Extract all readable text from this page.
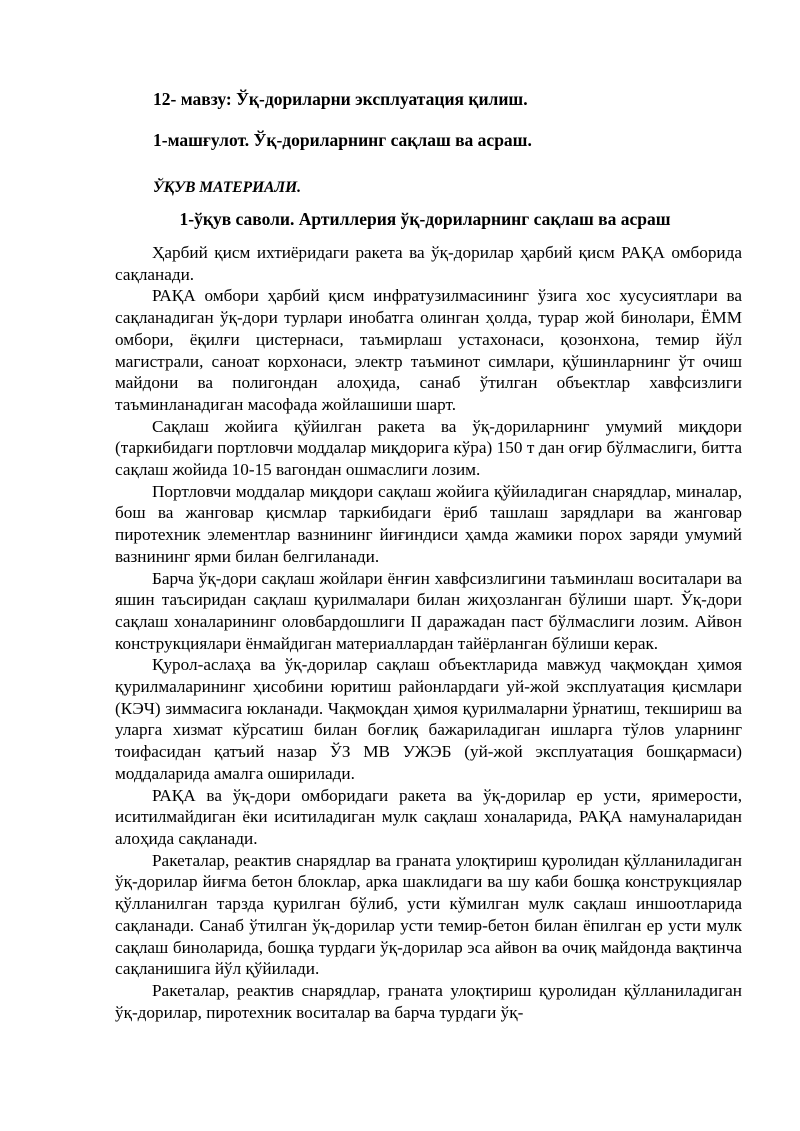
12- мавзу: Ўқ-дориларни эксплуатация қилиш.
1-машғулот. Ўқ-дориларнинг сақлаш ва асраш.
ЎҚУВ МАТЕРИАЛИ.
1-ўқув саволи. Артиллерия ўқ-дориларнинг сақлаш ва асраш

Ҳарбий қисм ихтиёридаги ракета ва ўқ-дорилар ҳарбий қисм РАҚА омборида сақланади.

РАҚА омбори ҳарбий қисм инфратузилмасининг ўзига хос хусусиятлари ва сақланадиган ўқ-дори турлари инобатга олинган ҳолда, турар жой бинолари, ЁММ омбори, ёқилғи цистернаси, таъмирлаш устахонаси, қозонхона, темир йўл магистрали, саноат корхонаси, электр таъминот симлари, қўшинларнинг ўт очиш майдони ва полигондан алоҳида, санаб ўтилган объектлар хавфсизлиги таъминланадиган масофада жойлашиши шарт.

Сақлаш жойига қўйилган ракета ва ўқ-дориларнинг умумий миқдори (таркибидаги портловчи моддалар миқдорига кўра) 150 т дан оғир бўлмаслиги, битта сақлаш жойида 10-15 вагондан ошмаслиги лозим.

Портловчи моддалар миқдори сақлаш жойига қўйиладиган снарядлар, миналар, бош ва жанговар қисмлар таркибидаги ёриб ташлаш зарядлари ва жанговар пиротехник элементлар вазнининг йиғиндиси ҳамда жамики порох заряди умумий вазнининг ярми билан белгиланади.

Барча ўқ-дори сақлаш жойлари ёнғин хавфсизлигини таъминлаш воситалари ва яшин таъсиридан сақлаш қурилмалари билан жиҳозланган бўлиши шарт. Ўқ-дори сақлаш хоналарининг оловбардошлиги II даражадан паст бўлмаслиги лозим. Айвон конструкциялари ёнмайдиган материаллардан тайёрланган бўлиши керак.

Қурол-аслаҳа ва ўқ-дорилар сақлаш объектларида мавжуд чақмоқдан ҳимоя қурилмаларининг ҳисобини юритиш районлардаги уй-жой эксплуатация қисмлари (КЭЧ) зиммасига юкланади. Чақмоқдан ҳимоя қурилмаларни ўрнатиш, текшириш ва уларга хизмат кўрсатиш билан боғлиқ бажариладиган ишларга тўлов уларнинг тоифасидан қатъий назар ЎЗ МВ УЖЭБ (уй-жой эксплуатация бошқармаси) моддаларида амалга оширилади.

РАҚА ва ўқ-дори омборидаги ракета ва ўқ-дорилар ер усти, яримерости, иситилмайдиган ёки иситиладиган мулк сақлаш хоналарида, РАҚА намуналаридан алоҳида сақланади.

Ракеталар, реактив снарядлар ва граната улоқтириш қуролидан қўлланиладиган ўқ-дорилар йиғма бетон блоклар, арка шаклидаги ва шу каби бошқа конструкциялар қўлланилган тарзда қурилган бўлиб, усти кўмилган мулк сақлаш иншоотларида сақланади. Санаб ўтилган ўқ-дорилар усти темир-бетон билан ёпилган ер усти мулк сақлаш биноларида, бошқа турдаги ўқ-дорилар эса айвон ва очиқ майдонда вақтинча сақланишига йўл қўйилади.

Ракеталар, реактив снарядлар, граната улоқтириш қуролидан қўлланиладиган ўқ-дорилар, пиротехник воситалар ва барча турдаги ўқ-
